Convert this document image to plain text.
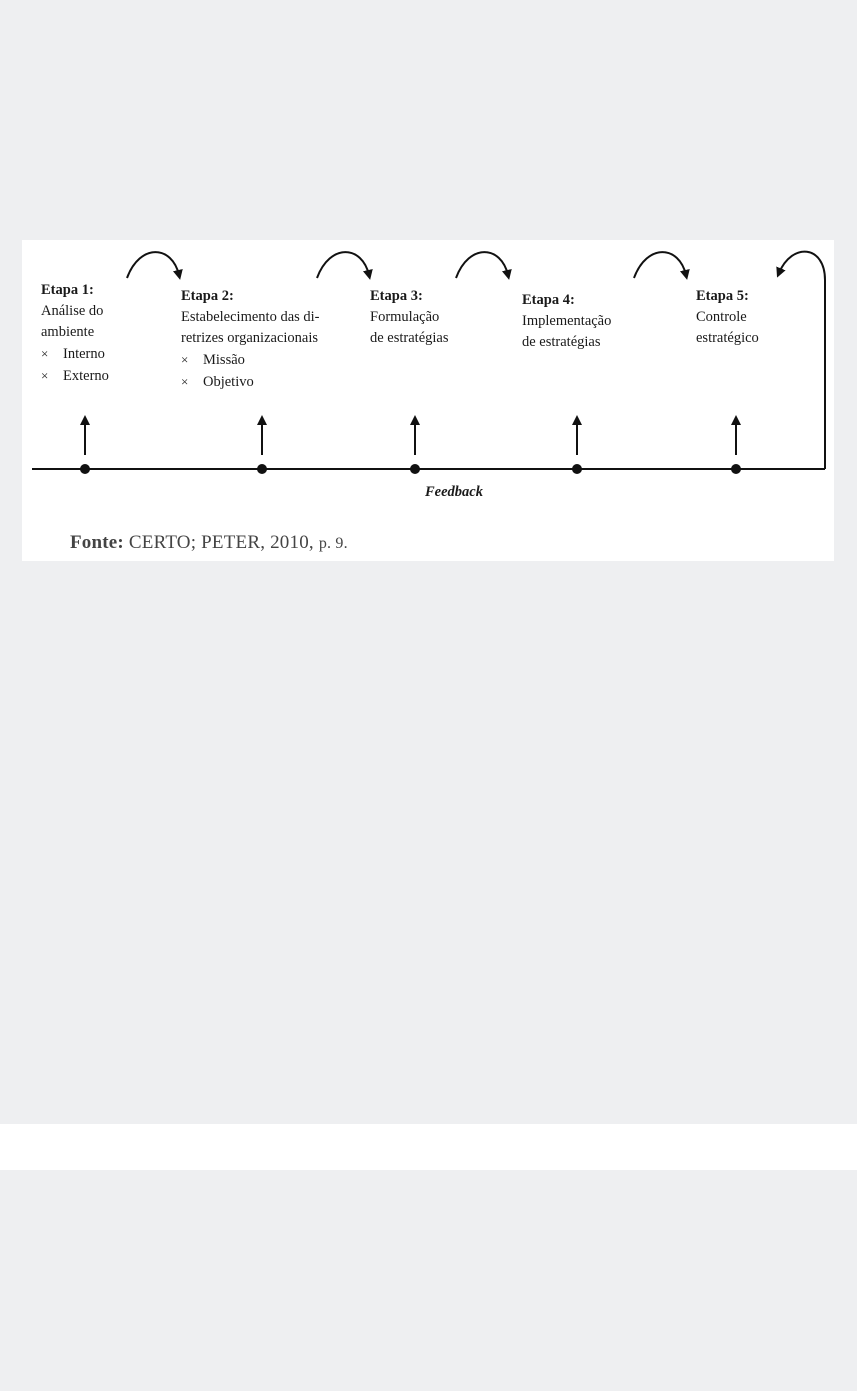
Etapa 1:
Análise do
ambiente
× Interno
× Externo
Etapa 2:
Estabelecimento das di-
retrizes organizacionais
× Missão
× Objetivo
Etapa 3:
Formulação
de estratégias
Etapa 4:
Implementação
de estratégias
Etapa 5:
Controle
estratégico
Feedback
Fonte: CERTO; PETER, 2010, p. 9.
